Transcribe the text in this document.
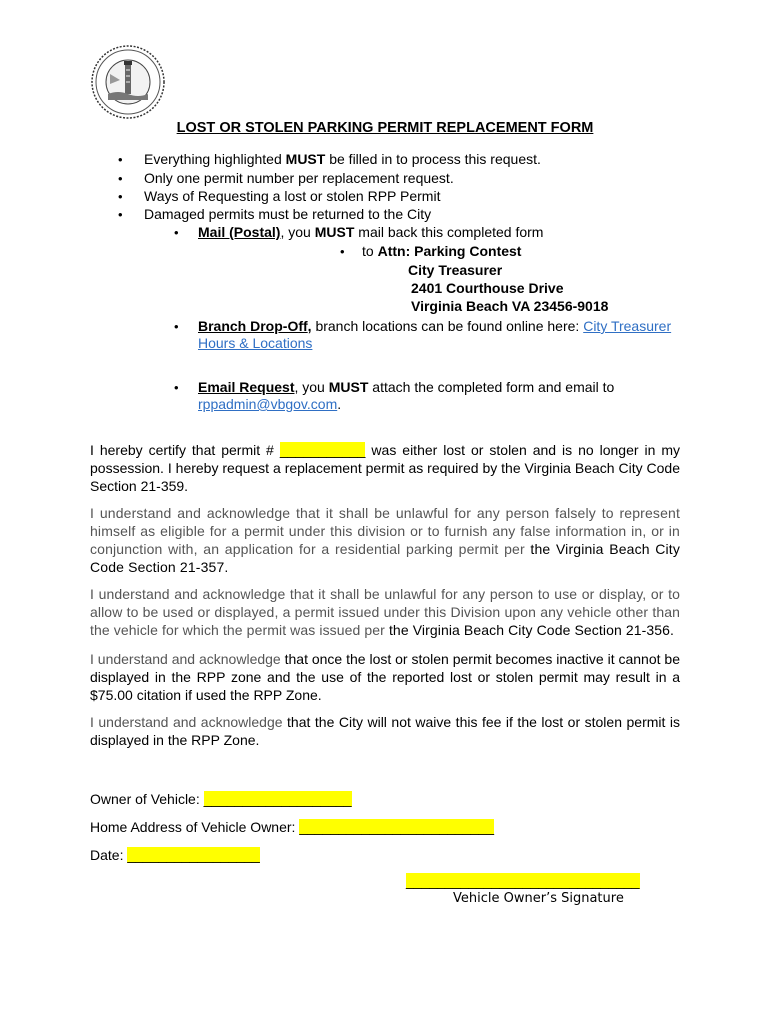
LOST OR STOLEN PARKING PERMIT REPLACEMENT FORM
• Everything highlighted MUST be filled in to process this request.
• Only one permit number per replacement request.
• Ways of Requesting a lost or stolen RPP Permit
• Damaged permits must be returned to the City
• Mail (Postal), you MUST mail back this completed form
• to Attn: Parking Contest
City Treasurer
2401 Courthouse Drive
Virginia Beach VA 23456-9018
• Branch Drop-Off, branch locations can be found online here: City Treasurer
Hours & Locations
• Email Request, you MUST attach the completed form and email to
rppadmin@vbgov.com.
I hereby certify that permit # ___________ was either lost or stolen and is no longer in my possession. I hereby request a replacement permit as required by the Virginia Beach City Code Section 21-359.
I understand and acknowledge that it shall be unlawful for any person falsely to represent himself as eligible for a permit under this division or to furnish any false information in, or in conjunction with, an application for a residential parking permit per the Virginia Beach City Code Section 21-357.
I understand and acknowledge that it shall be unlawful for any person to use or display, or to allow to be used or displayed, a permit issued under this Division upon any vehicle other than the vehicle for which the permit was issued per the Virginia Beach City Code Section 21-356.
I understand and acknowledge that once the lost or stolen permit becomes inactive it cannot be displayed in the RPP zone and the use of the reported lost or stolen permit may result in a $75.00 citation if used the RPP Zone.
I understand and acknowledge that the City will not waive this fee if the lost or stolen permit is displayed in the RPP Zone.
Owner of Vehicle: ___________________
Home Address of Vehicle Owner: _________________________
Date: _________________
______________________________
Vehicle Owner’s Signature
